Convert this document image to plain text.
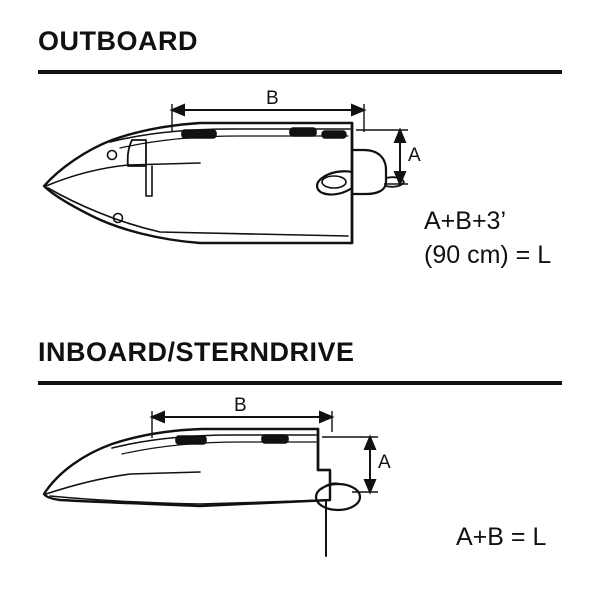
OUTBOARD
INBOARD/STERNDRIVE
B
A
B
A
A+B+3’
(90 cm) = L
A+B = L
